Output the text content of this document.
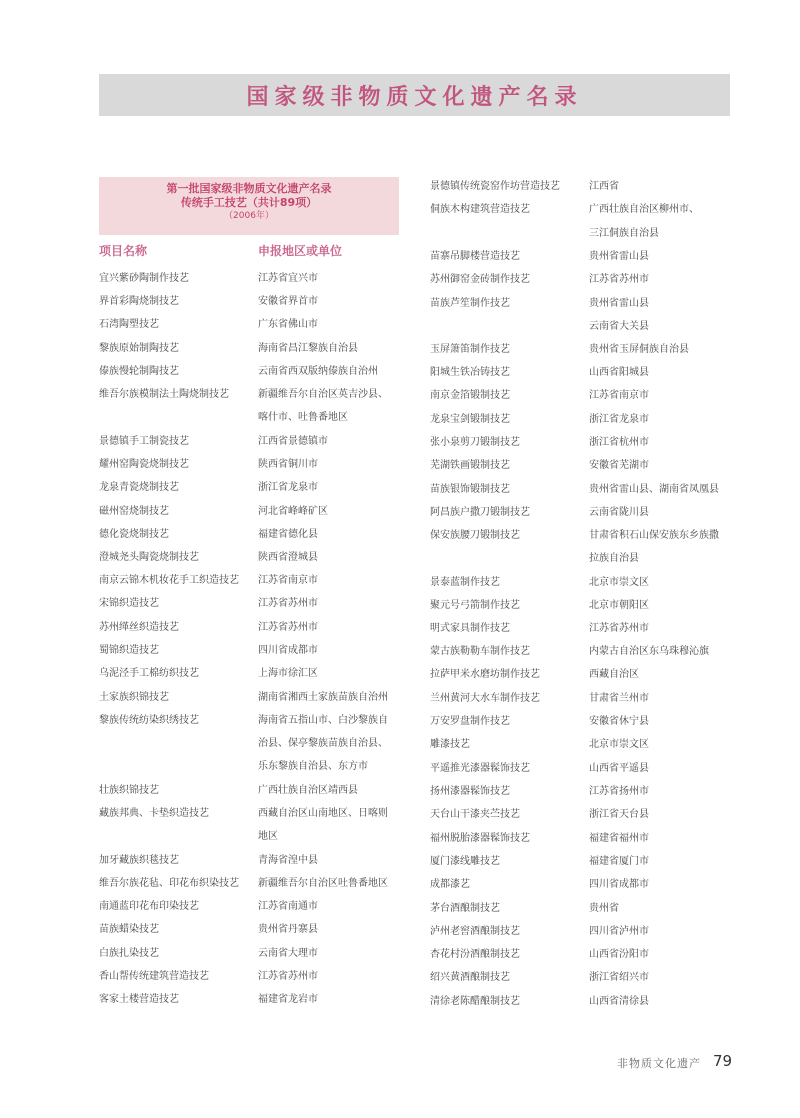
国家级非物质文化遗产名录
第一批国家级非物质文化遗产名录
传统手工技艺（共计89项）
（2006年）
项目名称	申报地区或单位
宜兴紫砂陶制作技艺	江苏省宜兴市
界首彩陶烧制技艺	安徽省界首市
石湾陶塑技艺	广东省佛山市
黎族原始制陶技艺	海南省昌江黎族自治县
傣族慢轮制陶技艺	云南省西双版纳傣族自治州
维吾尔族模制法土陶烧制技艺	新疆维吾尔自治区英吉沙县、
喀什市、吐鲁番地区
景德镇手工制瓷技艺	江西省景德镇市
耀州窑陶瓷烧制技艺	陕西省铜川市
龙泉青瓷烧制技艺	浙江省龙泉市
磁州窑烧制技艺	河北省峰峰矿区
德化瓷烧制技艺	福建省德化县
澄城尧头陶瓷烧制技艺	陕西省澄城县
南京云锦木机妆花手工织造技艺 江苏省南京市
宋锦织造技艺	江苏省苏州市
苏州缂丝织造技艺	江苏省苏州市
蜀锦织造技艺	四川省成都市
乌泥泾手工棉纺织技艺	上海市徐汇区
土家族织锦技艺	湖南省湘西土家族苗族自治州
黎族传统纺染织绣技艺	海南省五指山市、白沙黎族自
治县、保亭黎族苗族自治县、
乐东黎族自治县、东方市
壮族织锦技艺	广西壮族自治区靖西县
藏族邦典、卡垫织造技艺	西藏自治区山南地区、日喀则
地区
加牙藏族织毯技艺	青海省湟中县
维吾尔族花毡、印花布织染技艺 新疆维吾尔自治区吐鲁番地区
南通蓝印花布印染技艺	江苏省南通市
苗族蜡染技艺	贵州省丹寨县
白族扎染技艺	云南省大理市
香山帮传统建筑营造技艺	江苏省苏州市
客家土楼营造技艺	福建省龙岩市
景德镇传统瓷窑作坊营造技艺	江西省
侗族木构建筑营造技艺	广西壮族自治区柳州市、
三江侗族自治县
苗寨吊脚楼营造技艺	贵州省雷山县
苏州御窑金砖制作技艺	江苏省苏州市
苗族芦笙制作技艺	贵州省雷山县
云南省大关县
玉屏箫笛制作技艺	贵州省玉屏侗族自治县
阳城生铁冶铸技艺	山西省阳城县
南京金箔锻制技艺	江苏省南京市
龙泉宝剑锻制技艺	浙江省龙泉市
张小泉剪刀锻制技艺	浙江省杭州市
芜湖铁画锻制技艺	安徽省芜湖市
苗族银饰锻制技艺	贵州省雷山县、湖南省凤凰县
阿昌族户撒刀锻制技艺	云南省陇川县
保安族腰刀锻制技艺	甘肃省积石山保安族东乡族撒
拉族自治县
景泰蓝制作技艺	北京市崇文区
聚元号弓箭制作技艺	北京市朝阳区
明式家具制作技艺	江苏省苏州市
蒙古族勒勒车制作技艺	内蒙古自治区东乌珠穆沁旗
拉萨甲米水磨坊制作技艺	西藏自治区
兰州黄河大水车制作技艺	甘肃省兰州市
万安罗盘制作技艺	安徽省休宁县
雕漆技艺	北京市崇文区
平遥推光漆器髹饰技艺	山西省平遥县
扬州漆器髹饰技艺	江苏省扬州市
天台山干漆夹苎技艺	浙江省天台县
福州脱胎漆器髹饰技艺	福建省福州市
厦门漆线雕技艺	福建省厦门市
成都漆艺	四川省成都市
茅台酒酿制技艺	贵州省
泸州老窖酒酿制技艺	四川省泸州市
杏花村汾酒酿制技艺	山西省汾阳市
绍兴黄酒酿制技艺	浙江省绍兴市
清徐老陈醋酿制技艺	山西省清徐县
非物质文化遗产 79
